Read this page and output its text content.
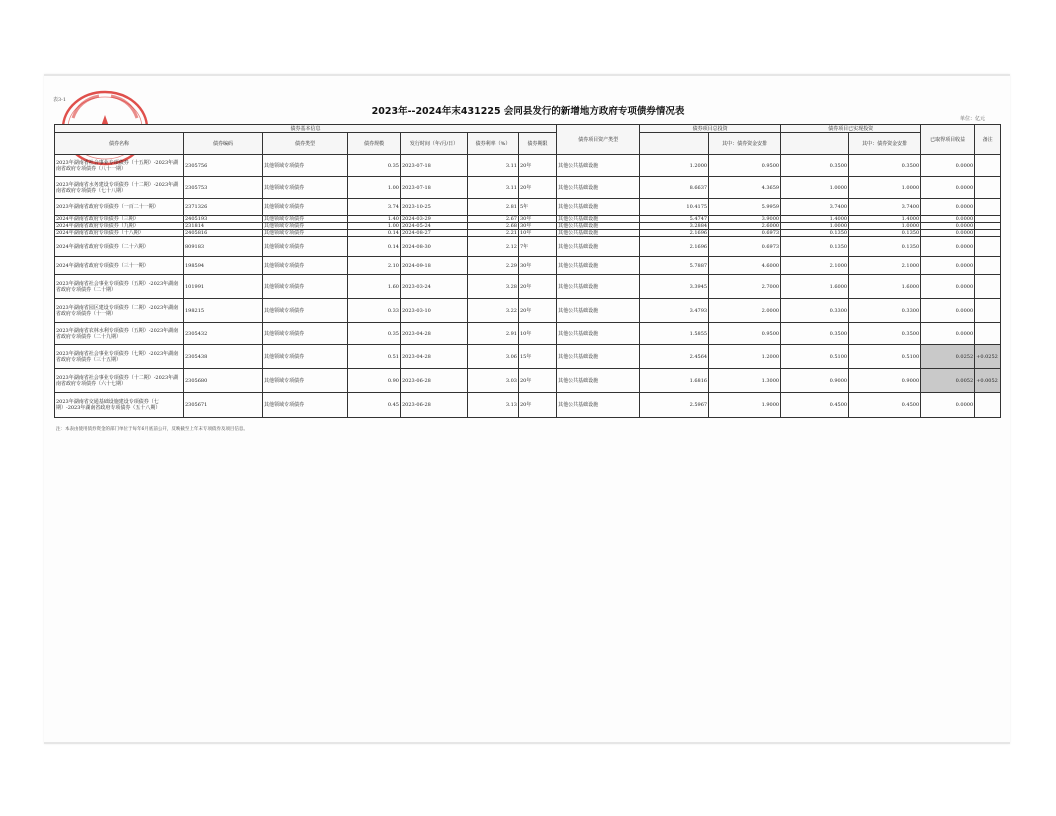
表3-1
2023年--2024年末431225 会同县发行的新增地方政府专项债券情况表
单位：亿元
债券基本信息							债券项目资产类型	债券项目总投资		债券项目已实现投资		已取得项目收益	备注
债券名称	债券编码	债券类型	债券规模	发行时间（年/月/日）	债券利率（%）	债券期限			其中：债券资金安排		其中：债券资金安排		
2023年湖南省社会事业专项债券（十五期）-2023年湖南省政府专项债券（八十一期）	2305756	其他领域专项债券	0.35	2023-07-18	3.11	20年	其他公共基础设施	1.2000	0.9500	0.3500	0.3500	0.0000	
2023年湖南省水务建设专项债券（十二期）-2023年湖南省政府专项债券（七十八期）	2305753	其他领域专项债券	1.00	2023-07-18	3.11	20年	其他公共基础设施	8.6637	4.3659	1.0000	1.0000	0.0000	
2023年湖南省政府专项债券（一百二十一期）	2371326	其他领域专项债券	3.74	2023-10-25	2.81	5年	其他公共基础设施	10.4175	5.9959	3.7400	3.7400	0.0000	
2024年湖南省政府专项债券（三期）	2405193	其他领域专项债券	1.40	2024-03-29	2.67	30年	其他公共基础设施	5.4747	3.9000	1.4000	1.4000	0.0000	
2024年湖南省政府专项债券（九期）	231814	其他领域专项债券	1.00	2024-05-24	2.68	30年	其他公共基础设施	3.2884	2.6000	1.0000	1.0000	0.0000	
2024年湖南省政府专项债券（十八期）	2405816	其他领域专项债券	0.14	2024-08-27	2.21	10年	其他公共基础设施	2.1696	0.6973	0.1350	0.1350	0.0000	
2024年湖南省政府专项债券（二十六期）	809183	其他领域专项债券	0.14	2024-08-30	2.12	7年	其他公共基础设施	2.1696	0.6973	0.1350	0.1350	0.0000	
2024年湖南省政府专项债券（三十一期）	198594	其他领域专项债券	2.10	2024-09-18	2.29	30年	其他公共基础设施	5.7887	4.6000	2.1000	2.1000	0.0000	
2023年湖南省社会事业专项债券（五期）-2023年湖南省政府专项债券（二十期）	101991	其他领域专项债券	1.60	2023-03-24	3.28	20年	其他公共基础设施	3.3945	2.7000	1.6000	1.6000	0.0000	
2023年湖南省园区建设专项债券（二期）-2023年湖南省政府专项债券（十一期）	198215	其他领域专项债券	0.33	2023-03-10	3.22	20年	其他公共基础设施	3.4793	2.0000	0.3300	0.3300	0.0000	
2023年湖南省农林水利专项债券（五期）-2023年湖南省政府专项债券（二十九期）	2305432	其他领域专项债券	0.35	2023-04-28	2.91	10年	其他公共基础设施	1.5855	0.9500	0.3500	0.3500	0.0000	
2023年湖南省社会事业专项债券（七期）-2023年湖南省政府专项债券（三十五期）	2305438	其他领域专项债券	0.51	2023-04-28	3.06	15年	其他公共基础设施	2.4564	1.2000	0.5100	0.5100	0.0252	+0.0252
2023年湖南省社会事业专项债券（十二期）-2023年湖南省政府专项债券（六十七期）	2305680	其他领域专项债券	0.90	2023-06-28	3.03	20年	其他公共基础设施	1.6816	1.3000	0.9000	0.9000	0.0052	+0.0052
2023年湖南省交通基础设施建设专项债券（七期）-2023年湖南省政府专项债券（五十八期）	2305671	其他领域专项债券	0.45	2023-06-28	3.13	20年	其他公共基础设施	2.5967	1.9000	0.4500	0.4500	0.0000	
注：本表由使用债券资金的部门单位于每年6月底前公开，反映截至上年末专项债券及项目信息。
